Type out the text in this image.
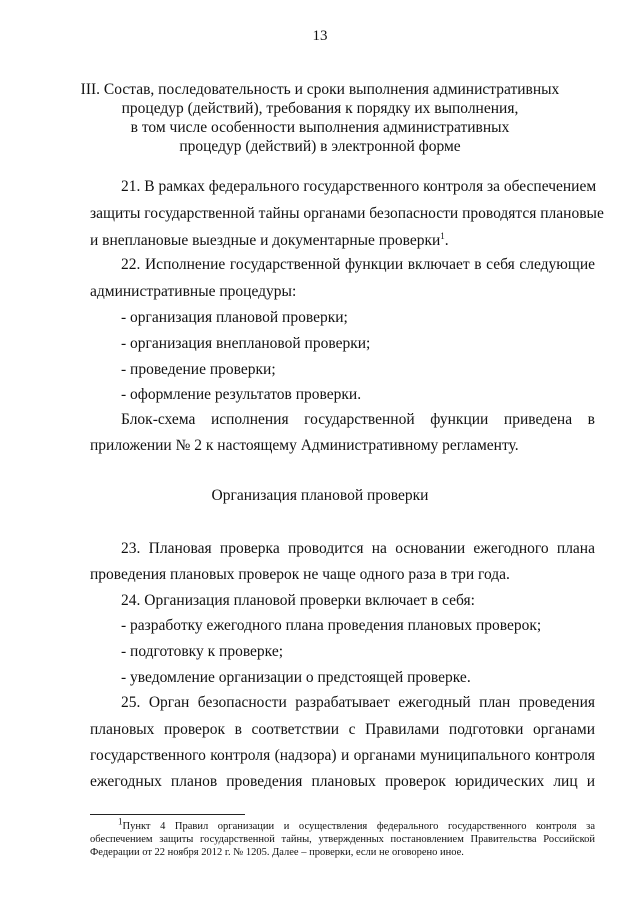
13
III. Состав, последовательность и сроки выполнения административных
процедур (действий), требования к порядку их выполнения,
в том числе особенности выполнения административных
процедур (действий) в электронной форме
21. В рамках федерального государственного контроля за обеспечением
защиты государственной тайны органами безопасности проводятся плановые
и внеплановые выездные и документарные проверки$^1$.
22. Исполнение государственной функции включает в себя следующие
административные процедуры:
- организация плановой проверки;
- организация внеплановой проверки;
- проведение проверки;
- оформление результатов проверки.
Блок-схема исполнения государственной функции приведена в
приложении № 2 к настоящему Административному регламенту.
Организация плановой проверки
23. Плановая проверка проводится на основании ежегодного плана
проведения плановых проверок не чаще одного раза в три года.
24. Организация плановой проверки включает в себя:
- разработку ежегодного плана проведения плановых проверок;
- подготовку к проверке;
- уведомление организации о предстоящей проверке.
25. Орган безопасности разрабатывает ежегодный план проведения
плановых проверок в соответствии с Правилами подготовки органами
государственного контроля (надзора) и органами муниципального контроля
ежегодных планов проведения плановых проверок юридических лиц и
$^1$Пункт 4 Правил организации и осуществления федерального государственного контроля за
обеспечением защиты государственной тайны, утвержденных постановлением Правительства Российской
Федерации от 22 ноября 2012 г. № 1205. Далее – проверки, если не оговорено иное.
